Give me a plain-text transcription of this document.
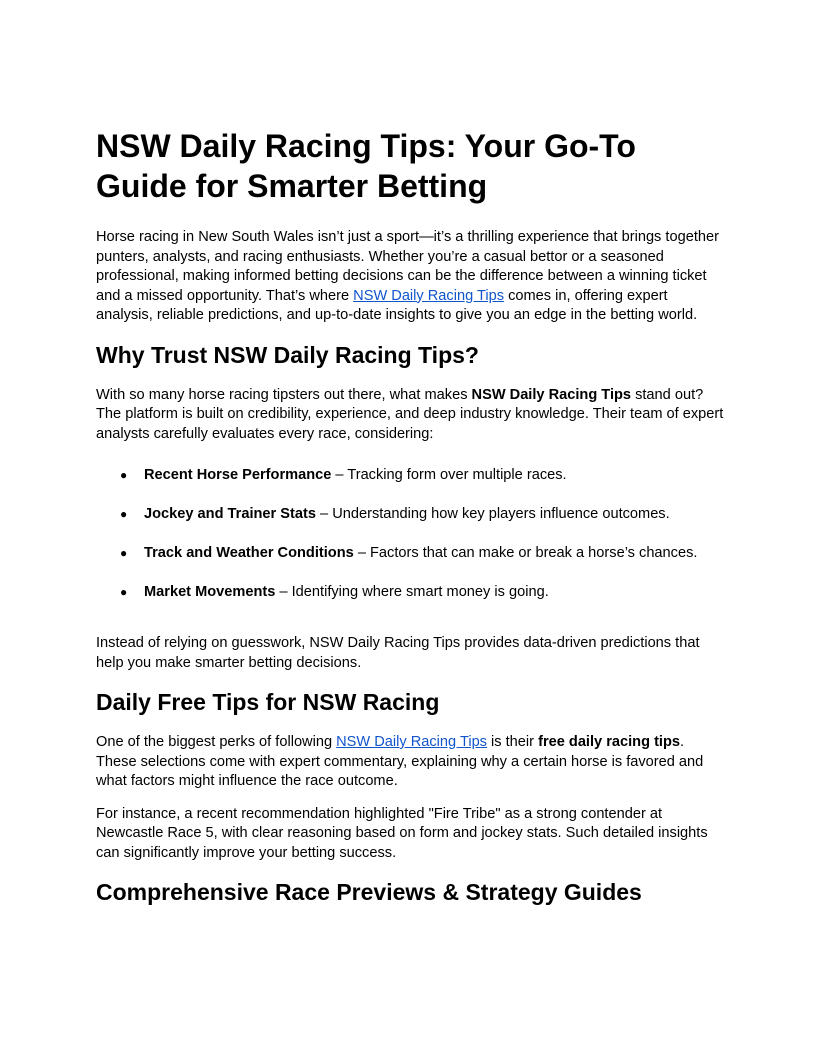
NSW Daily Racing Tips: Your Go-To Guide for Smarter Betting

Horse racing in New South Wales isn’t just a sport—it’s a thrilling experience that brings together punters, analysts, and racing enthusiasts. Whether you’re a casual bettor or a seasoned professional, making informed betting decisions can be the difference between a winning ticket and a missed opportunity. That’s where NSW Daily Racing Tips comes in, offering expert analysis, reliable predictions, and up-to-date insights to give you an edge in the betting world.

Why Trust NSW Daily Racing Tips?

With so many horse racing tipsters out there, what makes NSW Daily Racing Tips stand out? The platform is built on credibility, experience, and deep industry knowledge. Their team of expert analysts carefully evaluates every race, considering:

● Recent Horse Performance – Tracking form over multiple races.
● Jockey and Trainer Stats – Understanding how key players influence outcomes.
● Track and Weather Conditions – Factors that can make or break a horse’s chances.
● Market Movements – Identifying where smart money is going.

Instead of relying on guesswork, NSW Daily Racing Tips provides data-driven predictions that help you make smarter betting decisions.

Daily Free Tips for NSW Racing

One of the biggest perks of following NSW Daily Racing Tips is their free daily racing tips. These selections come with expert commentary, explaining why a certain horse is favored and what factors might influence the race outcome.

For instance, a recent recommendation highlighted "Fire Tribe" as a strong contender at Newcastle Race 5, with clear reasoning based on form and jockey stats. Such detailed insights can significantly improve your betting success.

Comprehensive Race Previews & Strategy Guides
